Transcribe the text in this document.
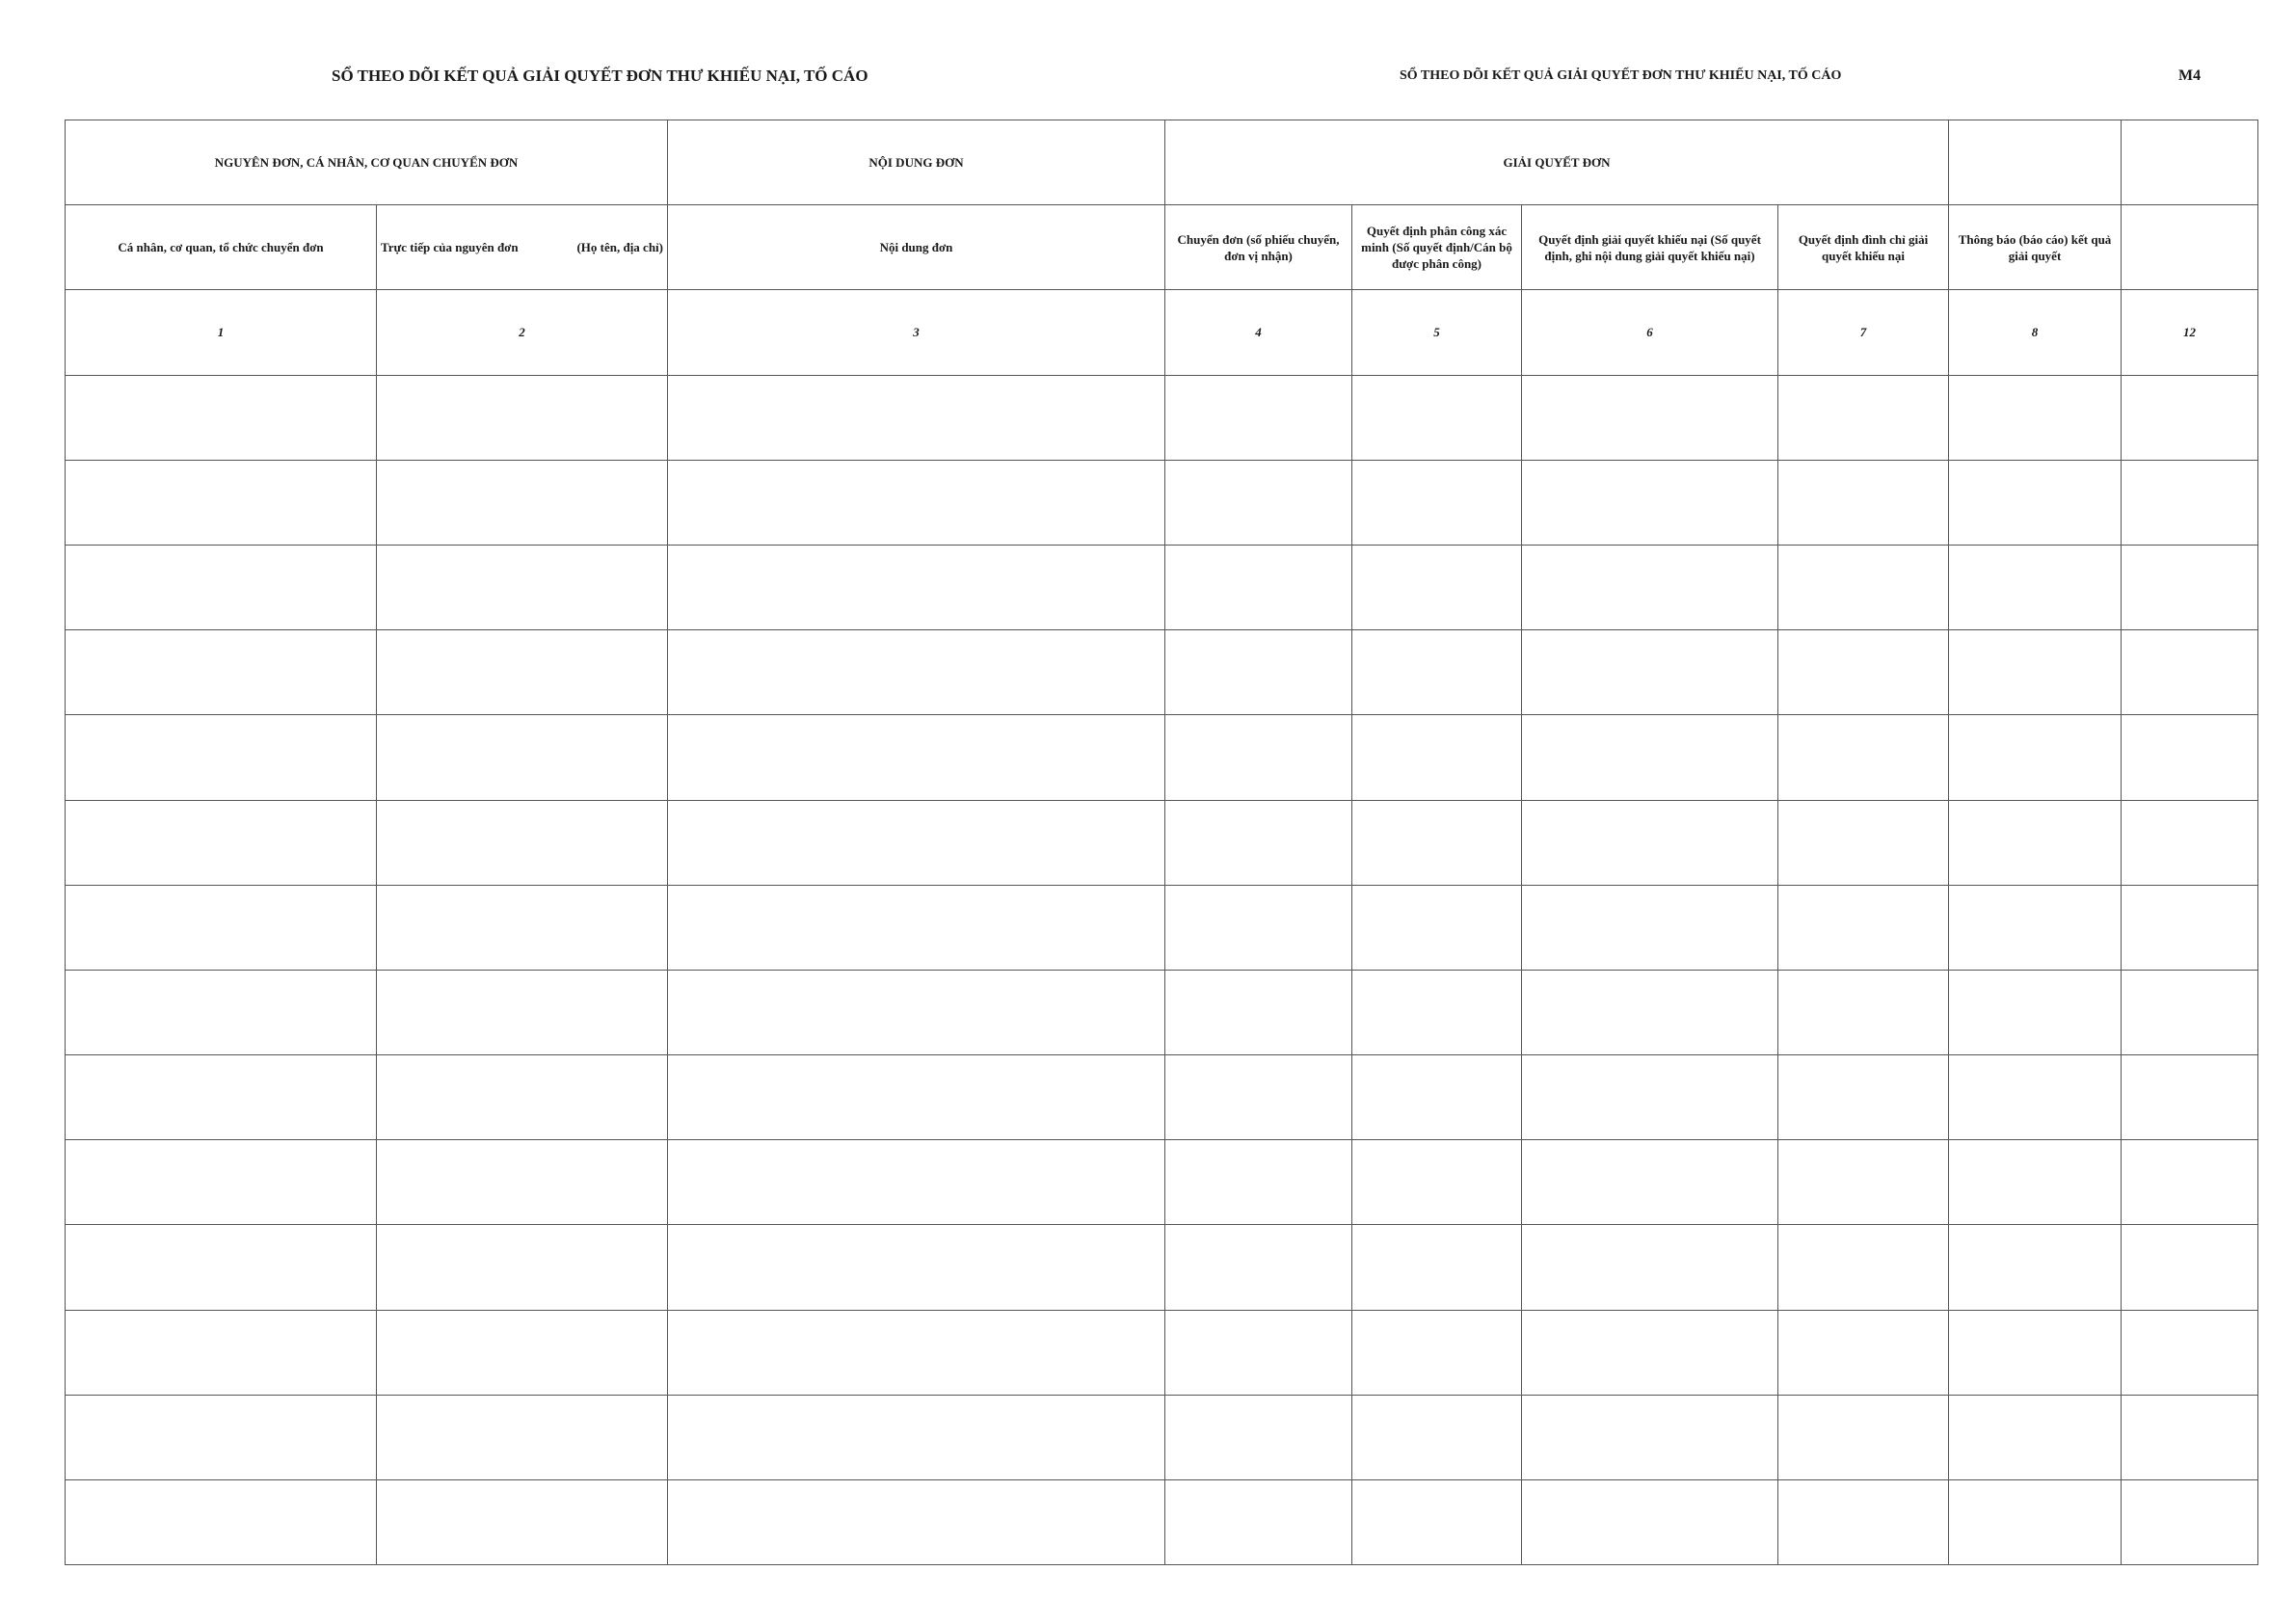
SỔ THEO DÕI KẾT QUẢ GIẢI QUYẾT ĐƠN THƯ KHIẾU NẠI, TỐ CÁO	SỔ THEO DÕI KẾT QUẢ GIẢI QUYẾT ĐƠN THƯ KHIẾU NẠI, TỐ CÁO	M4
NGUYÊN ĐƠN, CÁ NHÂN, CƠ QUAN CHUYỂN ĐƠN		NỘI DUNG ĐƠN	GIẢI QUYẾT ĐƠN			
Cá nhân, cơ quan, tổ chức chuyển đơn	Trực tiếp của nguyên đơn (Họ tên, địa chỉ)	Nội dung đơn	Chuyển đơn (số phiếu chuyển, đơn vị nhận)	Quyết định phân công xác minh (Số quyết định/Cán bộ được phân công)	Quyết định giải quyết khiếu nại (Số quyết định, ghi nội dung giải quyết khiếu nại)	Quyết định đình chỉ giải quyết khiếu nại	Thông báo (báo cáo) kết quả giải quyết		
1	2	3	4	5	6	7	8	12	
